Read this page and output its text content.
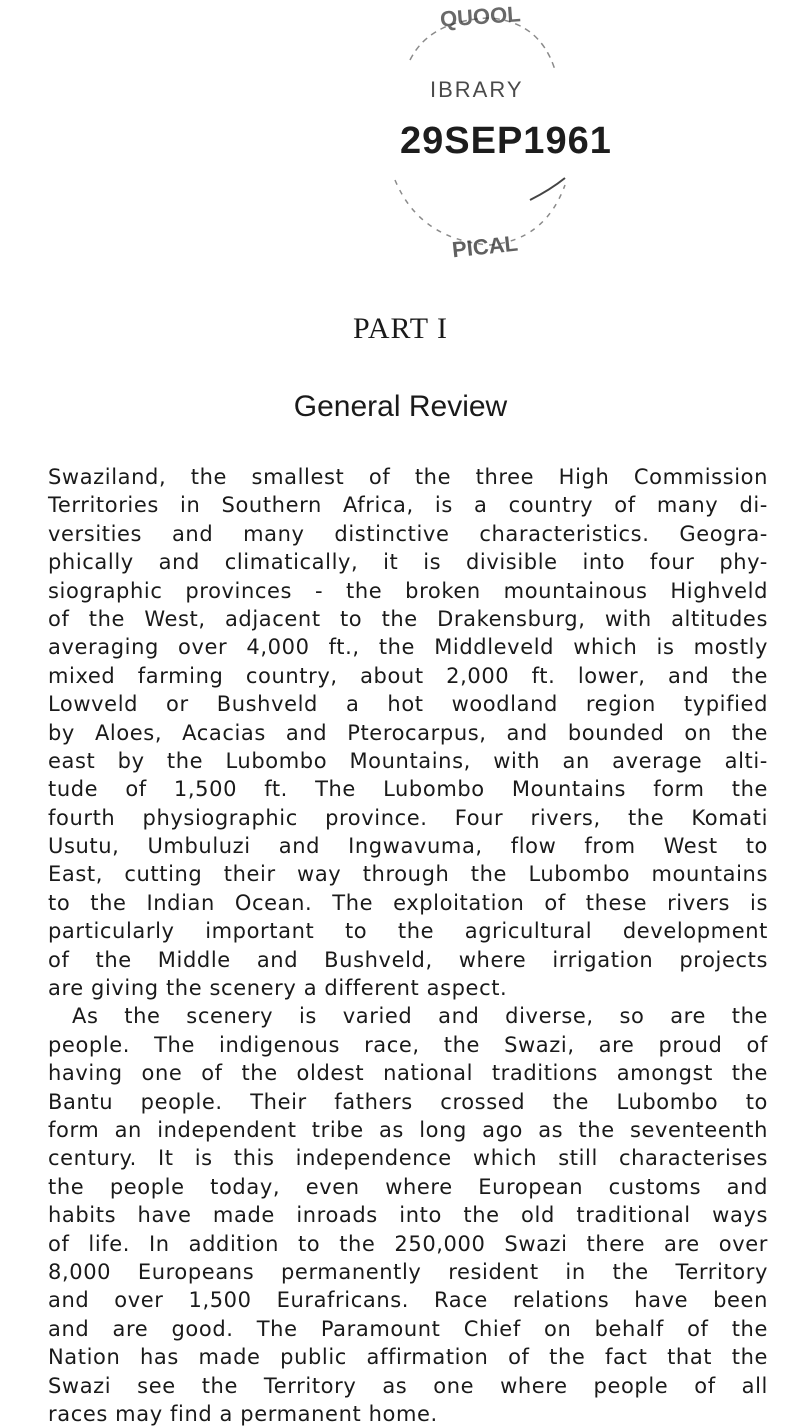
QUOOL
IBRARY
29SEP1961
PICAL
PART I
General Review
Swaziland, the smallest of the three High Commission
Territories in Southern Africa, is a country of many di-
versities and many distinctive characteristics. Geogra-
phically and climatically, it is divisible into four phy-
siographic provinces - the broken mountainous Highveld
of the West, adjacent to the Drakensburg, with altitudes
averaging over 4,000 ft., the Middleveld which is mostly
mixed farming country, about 2,000 ft. lower, and the
Lowveld or Bushveld a hot woodland region typified
by Aloes, Acacias and Pterocarpus, and bounded on the
east by the Lubombo Mountains, with an average alti-
tude of 1,500 ft. The Lubombo Mountains form the
fourth physiographic province. Four rivers, the Komati
Usutu, Umbuluzi and Ingwavuma, flow from West to
East, cutting their way through the Lubombo mountains
to the Indian Ocean. The exploitation of these rivers is
particularly important to the agricultural development
of the Middle and Bushveld, where irrigation projects
are giving the scenery a different aspect.
As the scenery is varied and diverse, so are the
people. The indigenous race, the Swazi, are proud of
having one of the oldest national traditions amongst the
Bantu people. Their fathers crossed the Lubombo to
form an independent tribe as long ago as the seventeenth
century. It is this independence which still characterises
the people today, even where European customs and
habits have made inroads into the old traditional ways
of life. In addition to the 250,000 Swazi there are over
8,000 Europeans permanently resident in the Territory
and over 1,500 Eurafricans. Race relations have been
and are good. The Paramount Chief on behalf of the
Nation has made public affirmation of the fact that the
Swazi see the Territory as one where people of all
races may find a permanent home.
